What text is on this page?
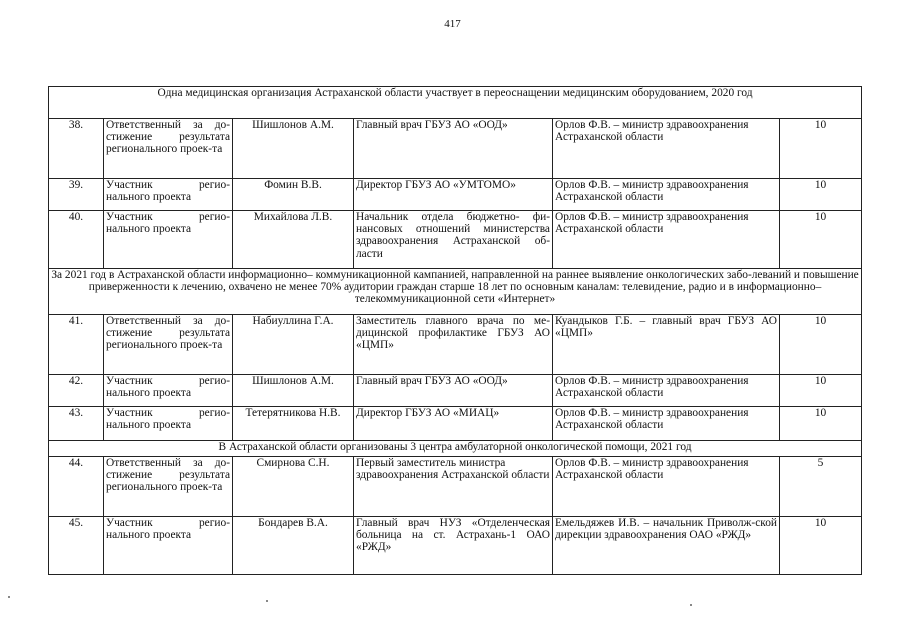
417
Одна медицинская организация Астраханской области участвует в переоснащении медицинским оборудованием, 2020 год					
38.	Ответственный за до-стижение результата регионального проек-та	Шишлонов А.М.	Главный врач ГБУЗ АО «ООД»	Орлов Ф.В. – министр здравоохранения Астраханской области	10
39.	Участник регио-нального проекта	Фомин В.В.	Директор ГБУЗ АО «УМТОМО»	Орлов Ф.В. – министр здравоохранения Астраханской области	10
40.	Участник регио-нального проекта	Михайлова Л.В.	Начальник отдела бюджетно- фи-нансовых отношений министерства здравоохранения Астраханской об-ласти	Орлов Ф.В. – министр здравоохранения Астраханской области	10
За 2021 год в Астраханской области информационно– коммуникационной кампанией, направленной на раннее выявление онкологических забо-леваний и повышение приверженности к лечению, охвачено не менее 70% аудитории граждан старше 18 лет по основным каналам: телевидение, радио и в информационно– телекоммуникационной сети «Интернет»					
41.	Ответственный за до-стижение результата регионального проек-та	Набиуллина Г.А.	Заместитель главного врача по ме-дицинской профилактике ГБУЗ АО «ЦМП»	Куандыков Г.Б. – главный врач ГБУЗ АО «ЦМП»	10
42.	Участник регио-нального проекта	Шишлонов А.М.	Главный врач ГБУЗ АО «ООД»	Орлов Ф.В. – министр здравоохранения Астраханской области	10
43.	Участник регио-нального проекта	Тетерятникова Н.В.	Директор ГБУЗ АО «МИАЦ»	Орлов Ф.В. – министр здравоохранения Астраханской области	10
В Астраханской области организованы 3 центра амбулаторной онкологической помощи, 2021 год					
44.	Ответственный за до-стижение результата регионального проек-та	Смирнова С.Н.	Первый заместитель министра здравоохранения Астраханской области	Орлов Ф.В. – министр здравоохранения Астраханской области	5
45.	Участник регио-нального проекта	Бондарев В.А.	Главный врач НУЗ «Отделенческая больница на ст. Астрахань-1 ОАО «РЖД»	Емельдяжев И.В. – начальник Приволж-ской дирекции здравоохранения ОАО «РЖД»	10
